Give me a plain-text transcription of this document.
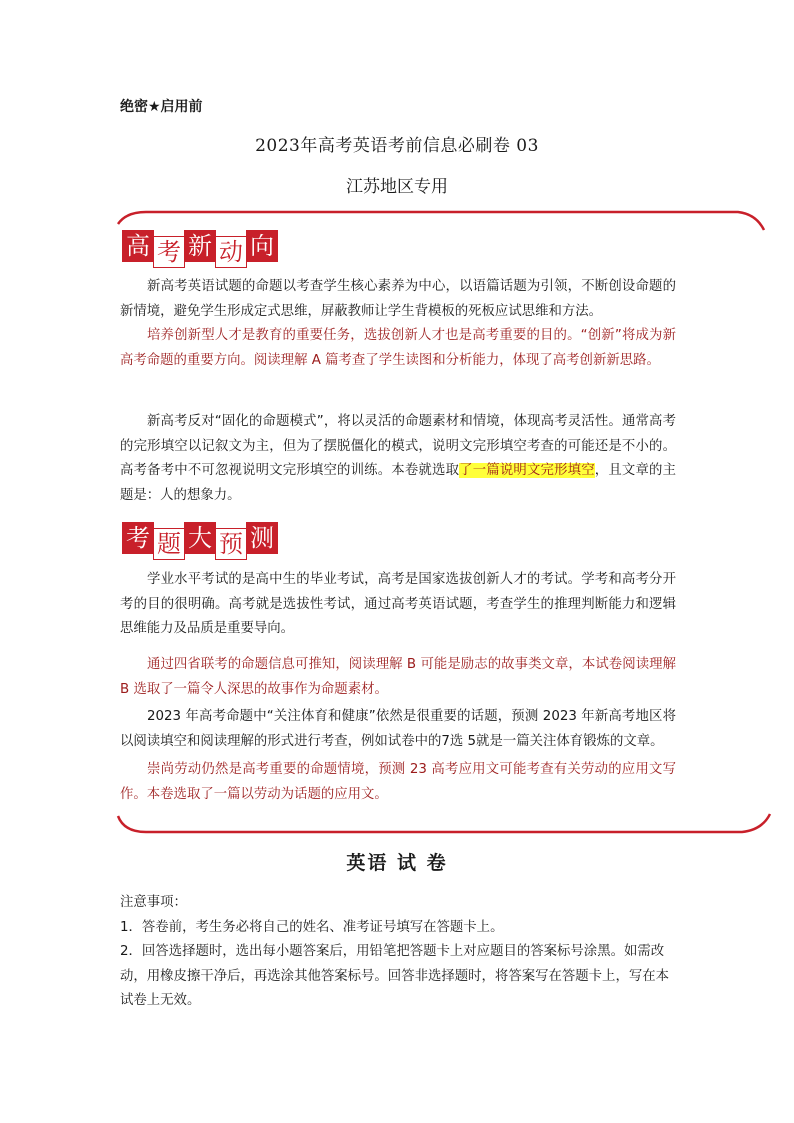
绝密★启用前
2023年高考英语考前信息必刷卷 03
江苏地区专用
高 考 新 动 向

新高考英语试题的命题以考查学生核心素养为中心，以语篇话题为引领，不断创设命题的新情境，避免学生形成定式思维，屏蔽教师让学生背模板的死板应试思维和方法。

培养创新型人才是教育的重要任务，选拔创新人才也是高考重要的目的。“创新”将成为新高考命题的重要方向。阅读理解 A 篇考查了学生读图和分析能力，体现了高考创新新思路。

新高考反对“固化的命题模式”，将以灵活的命题素材和情境，体现高考灵活性。通常高考的完形填空以记叙文为主，但为了摆脱僵化的模式，说明文完形填空考查的可能还是不小的。高考备考中不可忽视说明文完形填空的训练。本卷就选取了一篇说明文完形填空，且文章的主题是：人的想象力。

考 题 大 预 测

学业水平考试的是高中生的毕业考试，高考是国家选拔创新人才的考试。学考和高考分开考的目的很明确。高考就是选拔性考试，通过高考英语试题，考查学生的推理判断能力和逻辑思维能力及品质是重要导向。

通过四省联考的命题信息可推知，阅读理解 B 可能是励志的故事类文章，本试卷阅读理解 B 选取了一篇令人深思的故事作为命题素材。

2023 年高考命题中“关注体育和健康”依然是很重要的话题，预测 2023 年新高考地区将以阅读填空和阅读理解的形式进行考查，例如试卷中的7选 5就是一篇关注体育锻炼的文章。

崇尚劳动仍然是高考重要的命题情境，预测 23 高考应用文可能考查有关劳动的应用文写作。本卷选取了一篇以劳动为话题的应用文。

英语 试 卷

注意事项：

1．答卷前，考生务必将自己的姓名、准考证号填写在答题卡上。

2．回答选择题时，选出每小题答案后，用铅笔把答题卡上对应题目的答案标号涂黑。如需改动，用橡皮擦干净后，再选涂其他答案标号。回答非选择题时，将答案写在答题卡上，写在本试卷上无效。
